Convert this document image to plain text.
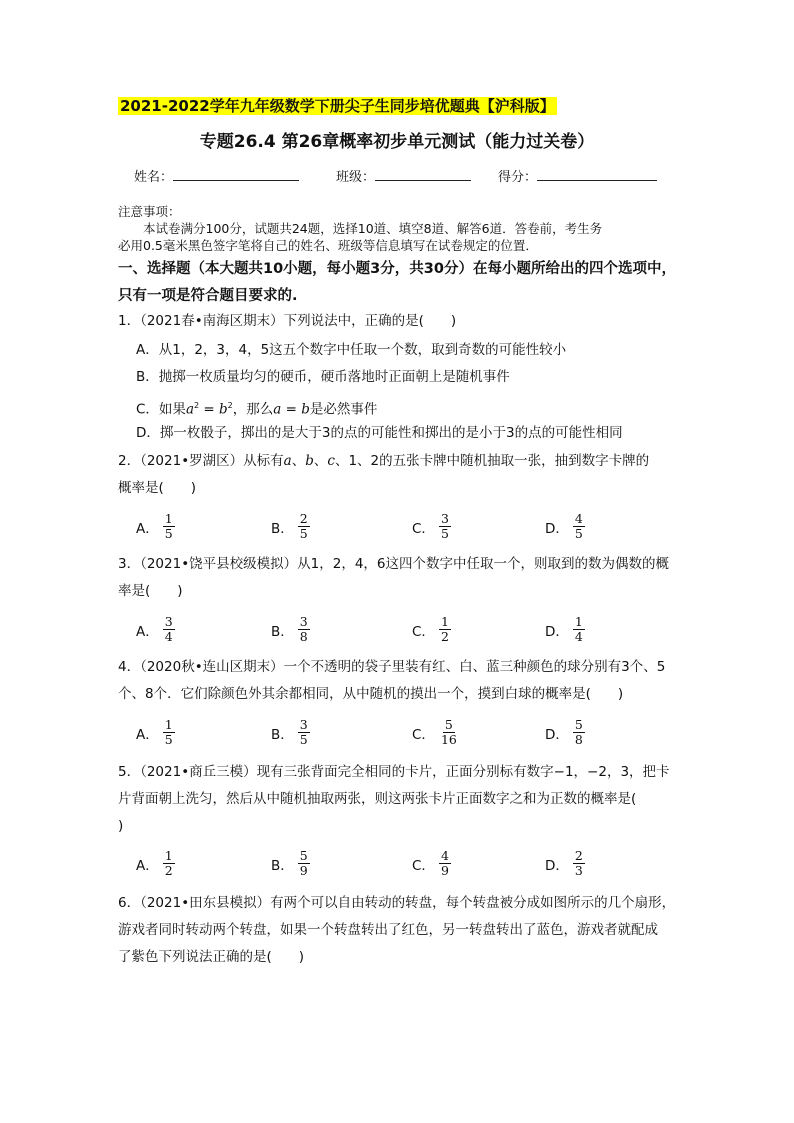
2021-2022学年九年级数学下册尖子生同步培优题典【沪科版】
专题26.4 第26章概率初步单元测试（能力过关卷）
姓名：	班级：	得分：

注意事项：

本试卷满分100分，试题共24题，选择10道、填空8道、解答6道．答卷前，考生务

必用0.5毫米黑色签字笔将自己的姓名、班级等信息填写在试卷规定的位置．

一、选择题（本大题共10小题，每小题3分，共30分）在每小题所给出的四个选项中，
只有一项是符合题目要求的.
1．（2021春•南海区期末）下列说法中，正确的是(　　)
A．从1，2，3，4，5这五个数字中任取一个数，取到奇数的可能性较小
B．抛掷一枚质量均匀的硬币，硬币落地时正面朝上是随机事件
C．如果$a^2 = b^2$，那么a = b是必然事件
D．掷一枚骰子，掷出的是大于3的点的可能性和掷出的是小于3的点的可能性相同
2．（2021•罗湖区）从标有a、b、c、1、2的五张卡牌中随机抽取一张，抽到数字卡牌的
概率是(　　)
A． $\frac{1}{5}$	B． $\frac{2}{5}$	C． $\frac{3}{5}$	D． $\frac{4}{5}$
3．（2021•饶平县校级模拟）从1，2，4，6这四个数字中任取一个，则取到的数为偶数的概
率是(　　)
A． $\frac{3}{4}$	B． $\frac{3}{8}$	C． $\frac{1}{2}$	D． $\frac{1}{4}$
4．（2020秋•连山区期末）一个不透明的袋子里装有红、白、蓝三种颜色的球分别有3个、5
个、8个．它们除颜色外其余都相同，从中随机的摸出一个，摸到白球的概率是(　　)
A． $\frac{1}{5}$	B． $\frac{3}{5}$	C． $\frac{5}{16}$	D． $\frac{5}{8}$
5．（2021•商丘三模）现有三张背面完全相同的卡片，正面分别标有数字−1，−2，3，把卡
片背面朝上洗匀，然后从中随机抽取两张，则这两张卡片正面数字之和为正数的概率是(
)
A． $\frac{1}{2}$	B． $\frac{5}{9}$	C． $\frac{4}{9}$	D． $\frac{2}{3}$
6．（2021•田东县模拟）有两个可以自由转动的转盘，每个转盘被分成如图所示的几个扇形，
游戏者同时转动两个转盘，如果一个转盘转出了红色，另一转盘转出了蓝色，游戏者就配成
了紫色下列说法正确的是(　　)
